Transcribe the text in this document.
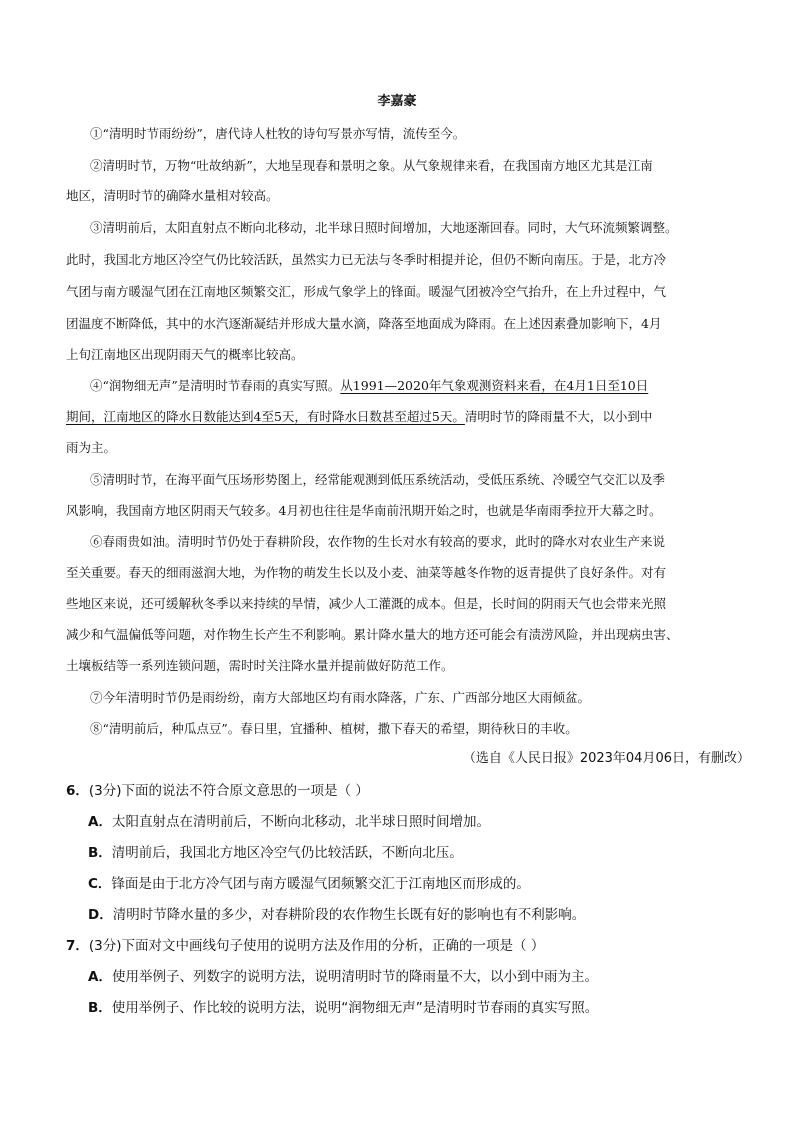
李嘉豪
①“清明时节雨纷纷”，唐代诗人杜牧的诗句写景亦写情，流传至今。
②清明时节，万物“吐故纳新”，大地呈现春和景明之象。从气象规律来看，在我国南方地区尤其是江南
地区，清明时节的确降水量相对较高。
③清明前后，太阳直射点不断向北移动，北半球日照时间增加，大地逐渐回春。同时，大气环流频繁调整。
此时，我国北方地区冷空气仍比较活跃，虽然实力已无法与冬季时相提并论，但仍不断向南压。于是，北方冷
气团与南方暖湿气团在江南地区频繁交汇，形成气象学上的锋面。暖湿气团被冷空气抬升，在上升过程中，气
团温度不断降低，其中的水汽逐渐凝结并形成大量水滴，降落至地面成为降雨。在上述因素叠加影响下，4月
上旬江南地区出现阴雨天气的概率比较高。
④“润物细无声”是清明时节春雨的真实写照。从1991—2020年气象观测资料来看，在4月1日至10日
期间，江南地区的降水日数能达到4至5天，有时降水日数甚至超过5天。清明时节的降雨量不大，以小到中
雨为主。
⑤清明时节，在海平面气压场形势图上，经常能观测到低压系统活动，受低压系统、冷暖空气交汇以及季
风影响，我国南方地区阴雨天气较多。4月初也往往是华南前汛期开始之时，也就是华南雨季拉开大幕之时。
⑥春雨贵如油。清明时节仍处于春耕阶段，农作物的生长对水有较高的要求，此时的降水对农业生产来说
至关重要。春天的细雨滋润大地，为作物的萌发生长以及小麦、油菜等越冬作物的返青提供了良好条件。对有
些地区来说，还可缓解秋冬季以来持续的旱情，减少人工灌溉的成本。但是，长时间的阴雨天气也会带来光照
减少和气温偏低等问题，对作物生长产生不利影响。累计降水量大的地方还可能会有渍涝风险，并出现病虫害、
土壤板结等一系列连锁问题，需时时关注降水量并提前做好防范工作。
⑦今年清明时节仍是雨纷纷，南方大部地区均有雨水降落，广东、广西部分地区大雨倾盆。
⑧“清明前后，种瓜点豆”。春日里，宜播种、植树，撒下春天的希望，期待秋日的丰收。
（选自《人民日报》2023年04月06日，有删改）
6．(3分)下面的说法不符合原文意思的一项是（ ）
A．太阳直射点在清明前后，不断向北移动，北半球日照时间增加。
B．清明前后，我国北方地区冷空气仍比较活跃，不断向北压。
C．锋面是由于北方冷气团与南方暖湿气团频繁交汇于江南地区而形成的。
D．清明时节降水量的多少，对春耕阶段的农作物生长既有好的影响也有不利影响。
7．(3分)下面对文中画线句子使用的说明方法及作用的分析，正确的一项是（ ）
A．使用举例子、列数字的说明方法，说明清明时节的降雨量不大，以小到中雨为主。
B．使用举例子、作比较的说明方法，说明“润物细无声”是清明时节春雨的真实写照。
